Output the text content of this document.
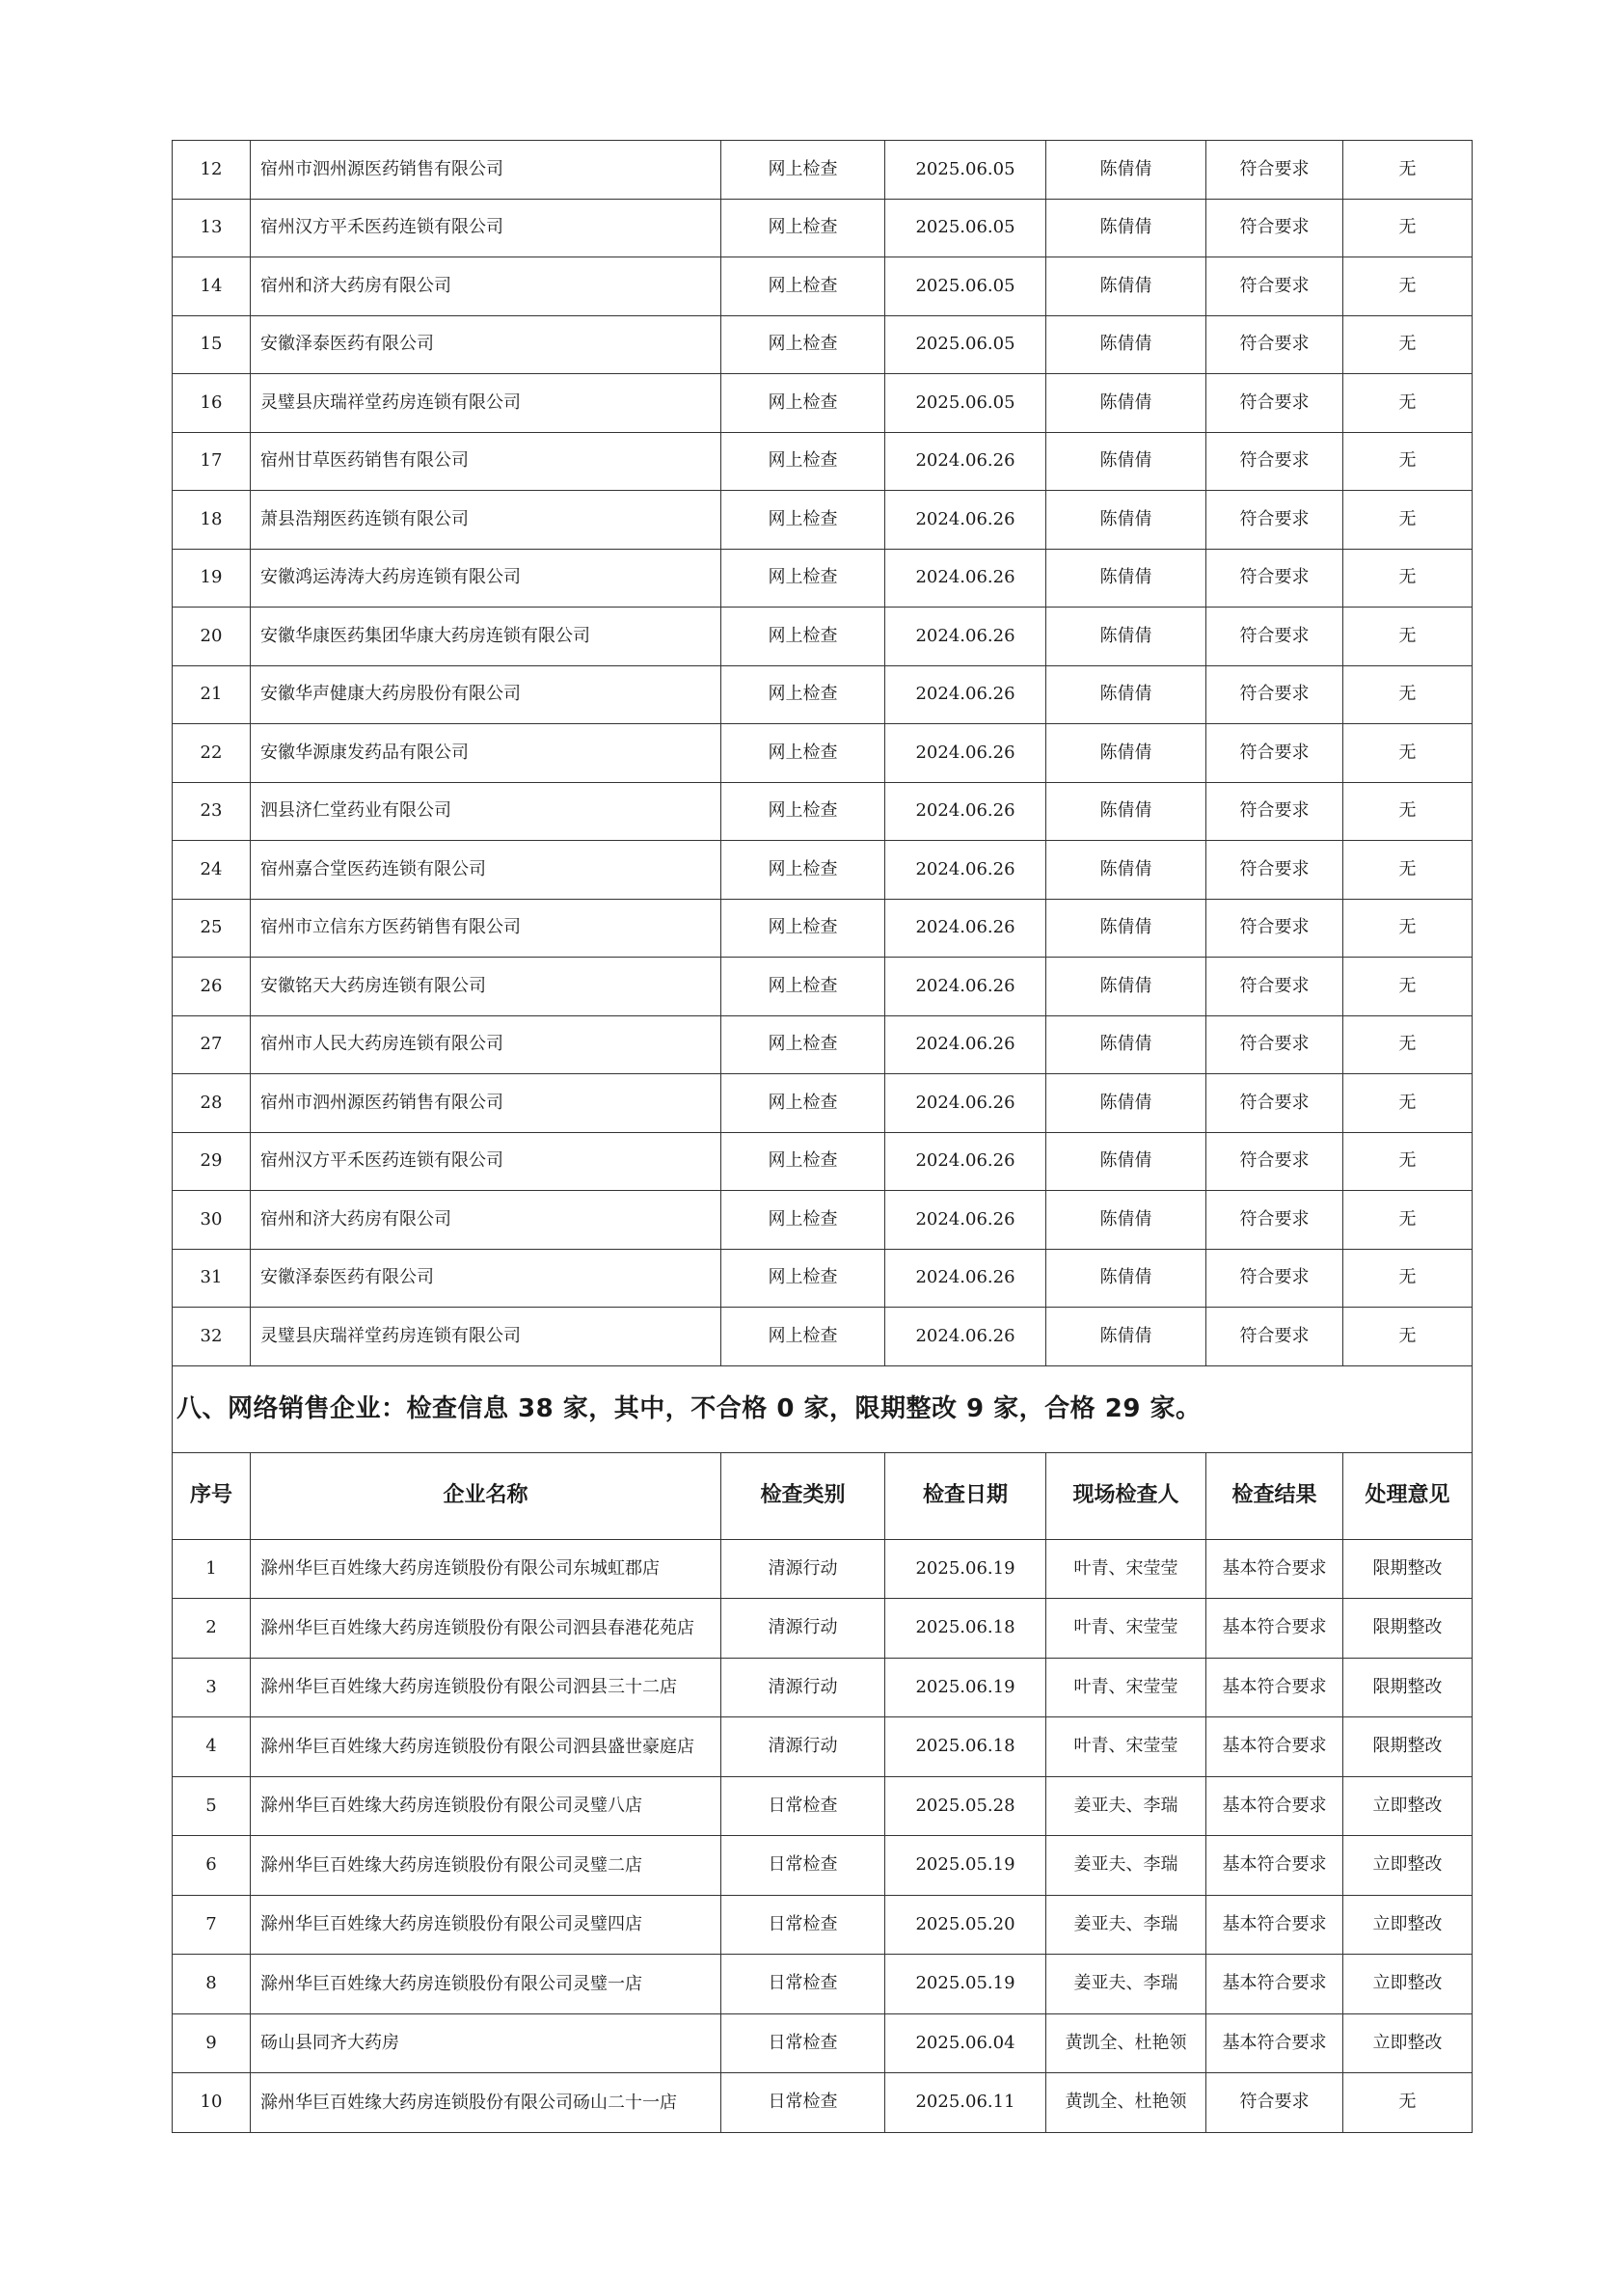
12	宿州市泗州源医药销售有限公司	网上检查	2025.06.05	陈倩倩	符合要求	无
13	宿州汉方平禾医药连锁有限公司	网上检查	2025.06.05	陈倩倩	符合要求	无
14	宿州和济大药房有限公司	网上检查	2025.06.05	陈倩倩	符合要求	无
15	安徽泽泰医药有限公司	网上检查	2025.06.05	陈倩倩	符合要求	无
16	灵璧县庆瑞祥堂药房连锁有限公司	网上检查	2025.06.05	陈倩倩	符合要求	无
17	宿州甘草医药销售有限公司	网上检查	2024.06.26	陈倩倩	符合要求	无
18	萧县浩翔医药连锁有限公司	网上检查	2024.06.26	陈倩倩	符合要求	无
19	安徽鸿运涛涛大药房连锁有限公司	网上检查	2024.06.26	陈倩倩	符合要求	无
20	安徽华康医药集团华康大药房连锁有限公司	网上检查	2024.06.26	陈倩倩	符合要求	无
21	安徽华声健康大药房股份有限公司	网上检查	2024.06.26	陈倩倩	符合要求	无
22	安徽华源康发药品有限公司	网上检查	2024.06.26	陈倩倩	符合要求	无
23	泗县济仁堂药业有限公司	网上检查	2024.06.26	陈倩倩	符合要求	无
24	宿州嘉合堂医药连锁有限公司	网上检查	2024.06.26	陈倩倩	符合要求	无
25	宿州市立信东方医药销售有限公司	网上检查	2024.06.26	陈倩倩	符合要求	无
26	安徽铭天大药房连锁有限公司	网上检查	2024.06.26	陈倩倩	符合要求	无
27	宿州市人民大药房连锁有限公司	网上检查	2024.06.26	陈倩倩	符合要求	无
28	宿州市泗州源医药销售有限公司	网上检查	2024.06.26	陈倩倩	符合要求	无
29	宿州汉方平禾医药连锁有限公司	网上检查	2024.06.26	陈倩倩	符合要求	无
30	宿州和济大药房有限公司	网上检查	2024.06.26	陈倩倩	符合要求	无
31	安徽泽泰医药有限公司	网上检查	2024.06.26	陈倩倩	符合要求	无
32	灵璧县庆瑞祥堂药房连锁有限公司	网上检查	2024.06.26	陈倩倩	符合要求	无
八、网络销售企业：检查信息 38 家，其中，不合格 0 家，限期整改 9 家，合格 29 家。						
序号	企业名称	检查类别	检查日期	现场检查人	检查结果	处理意见
1	滁州华巨百姓缘大药房连锁股份有限公司东城虹郡店	清源行动	2025.06.19	叶青、宋莹莹	基本符合要求	限期整改
2	滁州华巨百姓缘大药房连锁股份有限公司泗县春港花苑店	清源行动	2025.06.18	叶青、宋莹莹	基本符合要求	限期整改
3	滁州华巨百姓缘大药房连锁股份有限公司泗县三十二店	清源行动	2025.06.19	叶青、宋莹莹	基本符合要求	限期整改
4	滁州华巨百姓缘大药房连锁股份有限公司泗县盛世豪庭店	清源行动	2025.06.18	叶青、宋莹莹	基本符合要求	限期整改
5	滁州华巨百姓缘大药房连锁股份有限公司灵璧八店	日常检查	2025.05.28	姜亚夫、李瑞	基本符合要求	立即整改
6	滁州华巨百姓缘大药房连锁股份有限公司灵璧二店	日常检查	2025.05.19	姜亚夫、李瑞	基本符合要求	立即整改
7	滁州华巨百姓缘大药房连锁股份有限公司灵璧四店	日常检查	2025.05.20	姜亚夫、李瑞	基本符合要求	立即整改
8	滁州华巨百姓缘大药房连锁股份有限公司灵璧一店	日常检查	2025.05.19	姜亚夫、李瑞	基本符合要求	立即整改
9	砀山县同齐大药房	日常检查	2025.06.04	黄凯全、杜艳领	基本符合要求	立即整改
10	滁州华巨百姓缘大药房连锁股份有限公司砀山二十一店	日常检查	2025.06.11	黄凯全、杜艳领	符合要求	无
